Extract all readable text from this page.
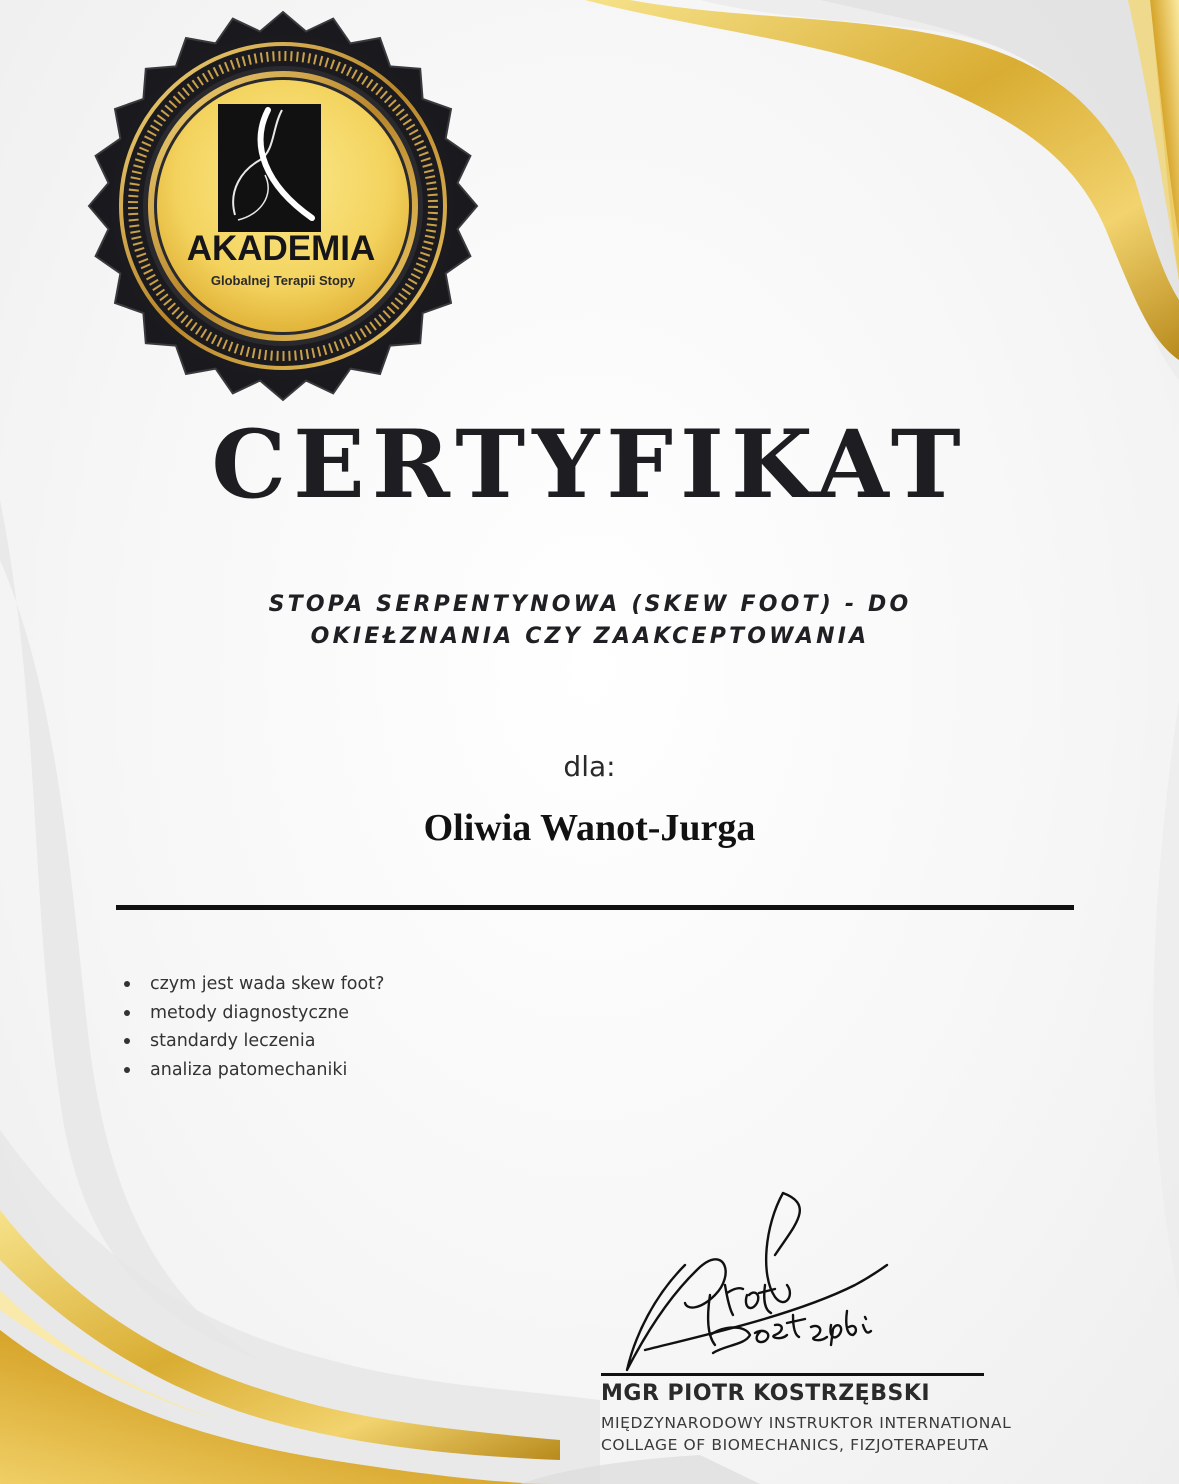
AKADEMIA
Globalnej Terapii Stopy
CERTYFIKAT
STOPA SERPENTYNOWA (SKEW FOOT) - DO
OKIEŁZNANIA CZY ZAAKCEPTOWANIA
dla:
Oliwia Wanot-Jurga
czym jest wada skew foot?
metody diagnostyczne
standardy leczenia
analiza patomechaniki
MGR PIOTR KOSTRZĘBSKI
MIĘDZYNARODOWY INSTRUKTOR INTERNATIONAL
COLLAGE OF BIOMECHANICS, FIZJOTERAPEUTA
